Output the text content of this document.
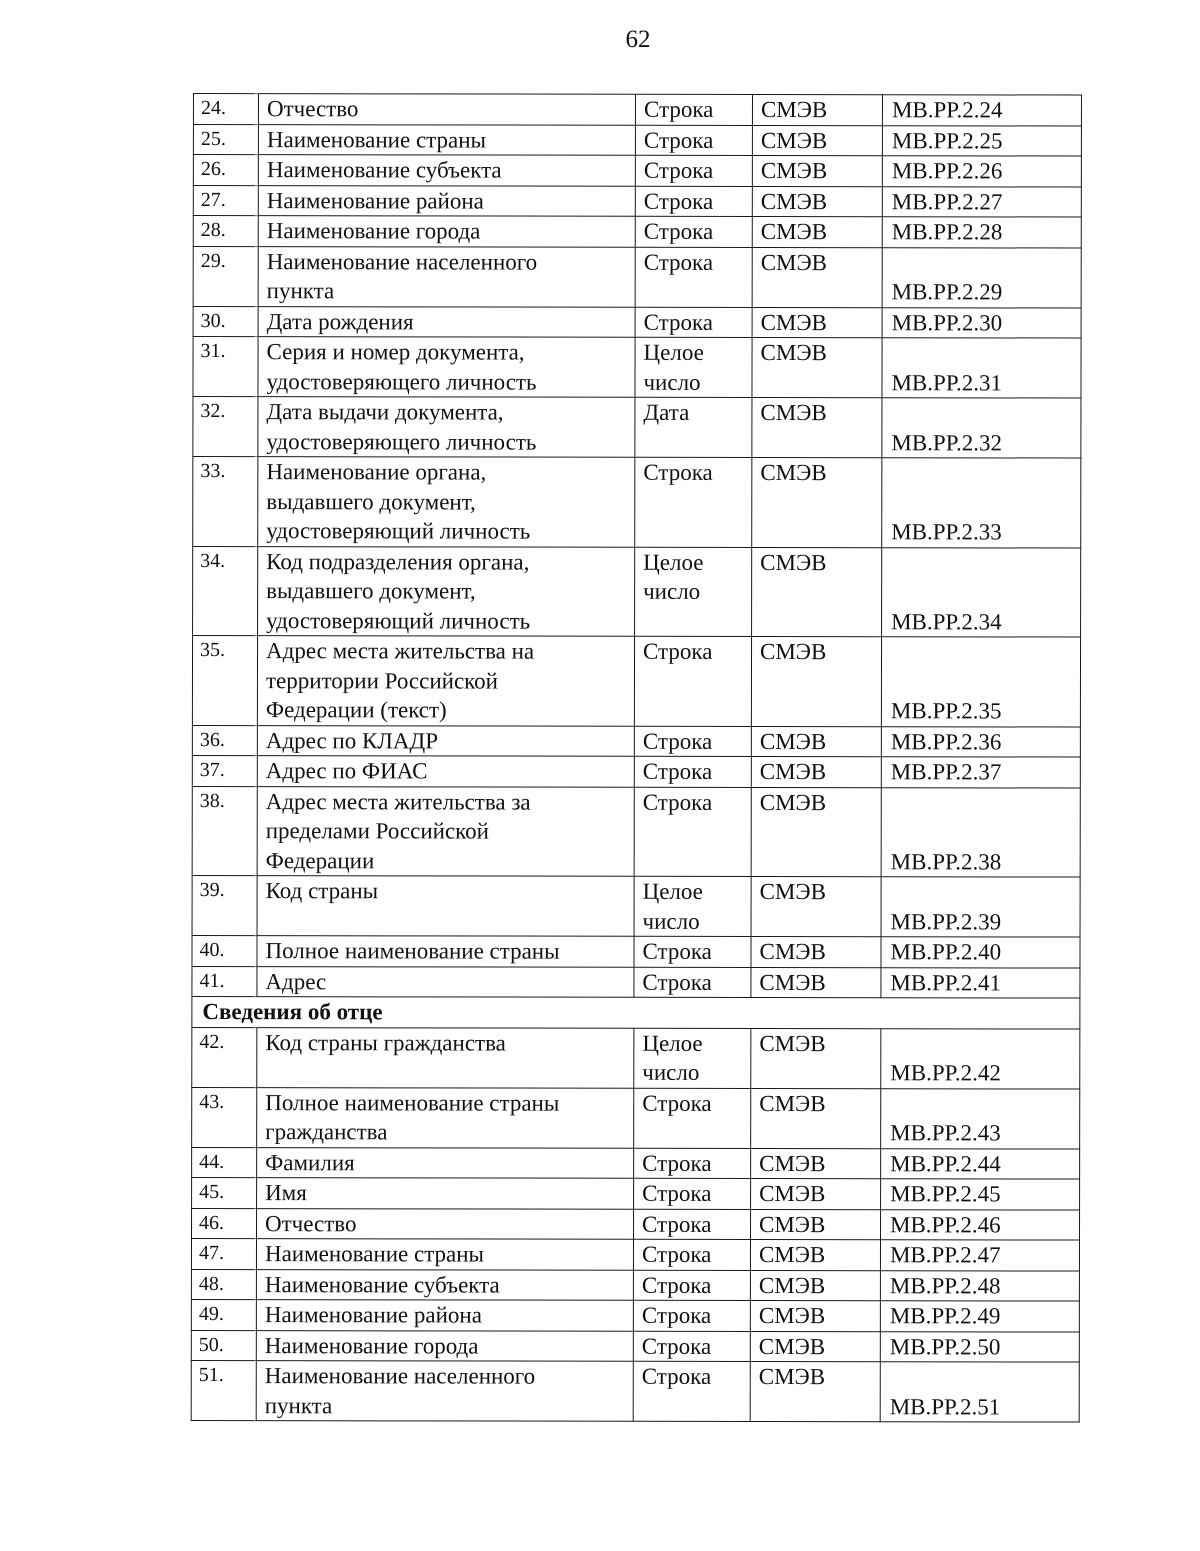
62
24.	Отчество	Строка	СМЭВ	MB.PP.2.24
25.	Наименование страны	Строка	СМЭВ	MB.PP.2.25
26.	Наименование субъекта	Строка	СМЭВ	MB.PP.2.26
27.	Наименование района	Строка	СМЭВ	MB.PP.2.27
28.	Наименование города	Строка	СМЭВ	MB.PP.2.28
29.	Наименование населенного
пункта	Строка	СМЭВ	MB.PP.2.29
30.	Дата рождения	Строка	СМЭВ	MB.PP.2.30
31.	Серия и номер документа,
удостоверяющего личность	Целое
число	СМЭВ	MB.PP.2.31
32.	Дата выдачи документа,
удостоверяющего личность	Дата	СМЭВ	MB.PP.2.32
33.	Наименование органа,
выдавшего документ,
удостоверяющий личность	Строка	СМЭВ	MB.PP.2.33
34.	Код подразделения органа,
выдавшего документ,
удостоверяющий личность	Целое
число	СМЭВ	MB.PP.2.34
35.	Адрес места жительства на
территории Российской
Федерации (текст)	Строка	СМЭВ	MB.PP.2.35
36.	Адрес по КЛАДР	Строка	СМЭВ	MB.PP.2.36
37.	Адрес по ФИАС	Строка	СМЭВ	MB.PP.2.37
38.	Адрес места жительства за
пределами Российской
Федерации	Строка	СМЭВ	MB.PP.2.38
39.	Код страны	Целое
число	СМЭВ	MB.PP.2.39
40.	Полное наименование страны	Строка	СМЭВ	MB.PP.2.40
41.	Адрес	Строка	СМЭВ	MB.PP.2.41
Сведения об отце				
42.	Код страны гражданства	Целое
число	СМЭВ	MB.PP.2.42
43.	Полное наименование страны
гражданства	Строка	СМЭВ	MB.PP.2.43
44.	Фамилия	Строка	СМЭВ	MB.PP.2.44
45.	Имя	Строка	СМЭВ	MB.PP.2.45
46.	Отчество	Строка	СМЭВ	MB.PP.2.46
47.	Наименование страны	Строка	СМЭВ	MB.PP.2.47
48.	Наименование субъекта	Строка	СМЭВ	MB.PP.2.48
49.	Наименование района	Строка	СМЭВ	MB.PP.2.49
50.	Наименование города	Строка	СМЭВ	MB.PP.2.50
51.	Наименование населенного
пункта	Строка	СМЭВ	MB.PP.2.51
